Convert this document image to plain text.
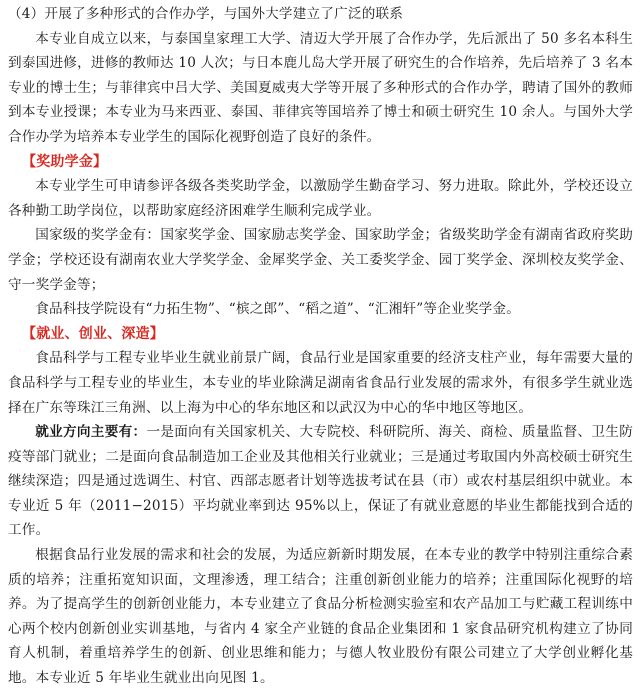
（4）开展了多种形式的合作办学，与国外大学建立了广泛的联系

本专业自成立以来，与泰国皇家理工大学、清迈大学开展了合作办学，先后派出了 50 多名本科生到泰国进修，进修的教师达 10 人次；与日本鹿儿岛大学开展了研究生的合作培养，先后培养了 3 名本专业的博士生；与菲律宾中吕大学、美国夏威夷大学等开展了多种形式的合作办学，聘请了国外的教师到本专业授课；本专业为马来西亚、泰国、菲律宾等国培养了博士和硕士研究生 10 余人。与国外大学合作办学为培养本专业学生的国际化视野创造了良好的条件。

【奖助学金】

本专业学生可申请参评各级各类奖助学金，以激励学生勤奋学习、努力进取。除此外，学校还设立各种勤工助学岗位，以帮助家庭经济困难学生顺利完成学业。

国家级的奖学金有：国家奖学金、国家励志奖学金、国家助学金；省级奖助学金有湖南省政府奖助学金；学校还设有湖南农业大学奖学金、金犀奖学金、关工委奖学金、园丁奖学金、深圳校友奖学金、守一奖学金等；

食品科技学院设有“力拓生物”、“槟之郎”、“稻之道”、“汇湘轩”等企业奖学金。

【就业、创业、深造】

食品科学与工程专业毕业生就业前景广阔，食品行业是国家重要的经济支柱产业，每年需要大量的食品科学与工程专业的毕业生，本专业的毕业除满足湖南省食品行业发展的需求外，有很多学生就业选择在广东等珠江三角洲、以上海为中心的华东地区和以武汉为中心的华中地区等地区。

就业方向主要有：一是面向有关国家机关、大专院校、科研院所、海关、商检、质量监督、卫生防疫等部门就业；二是面向食品制造加工企业及其他相关行业就业；三是通过考取国内外高校硕士研究生继续深造；四是通过选调生、村官、西部志愿者计划等选拔考试在县（市）或农村基层组织中就业。本专业近 5 年（2011−2015）平均就业率到达 95%以上，保证了有就业意愿的毕业生都能找到合适的工作。

根据食品行业发展的需求和社会的发展，为适应新新时期发展，在本专业的教学中特别注重综合素质的培养；注重拓宽知识面，文理渗透，理工结合；注重创新创业能力的培养；注重国际化视野的培养。为了提高学生的创新创业能力，本专业建立了食品分析检测实验室和农产品加工与贮藏工程训练中心两个校内创新创业实训基地，与省内 4 家全产业链的食品企业集团和 1 家食品研究机构建立了协同育人机制，着重培养学生的创新、创业思维和能力；与德人牧业股份有限公司建立了大学创业孵化基地。本专业近 5 年毕业生就业出向见图 1。
